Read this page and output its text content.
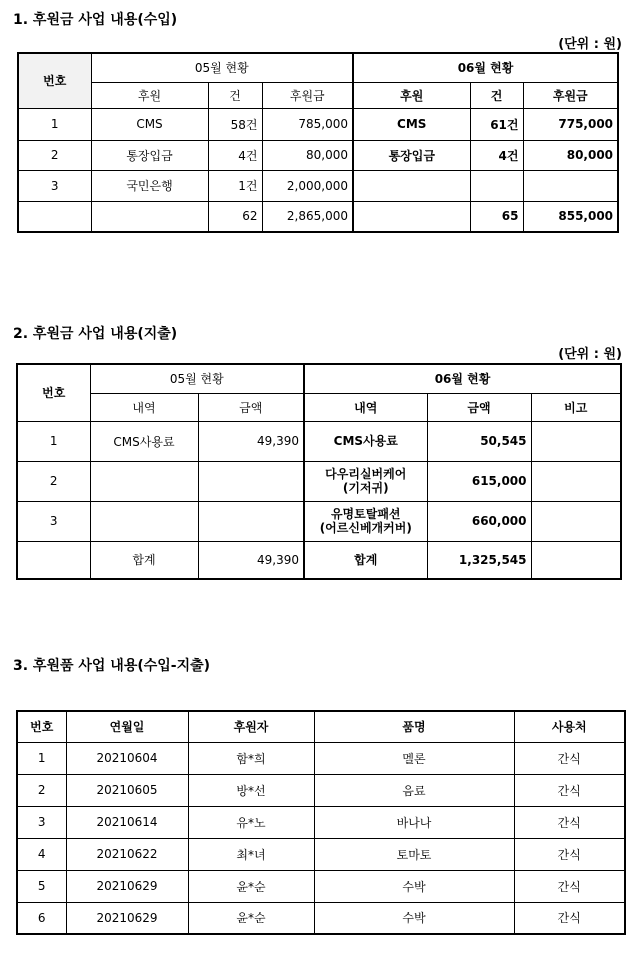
1. 후원금 사업 내용(수입)
(단위 : 원)
번호	05월 현황			06월 현황		
	후원	건	후원금	후원	건	후원금
1	CMS	58건	785,000	CMS	61건	775,000
2	통장입금	4건	80,000	통장입금	4건	80,000
3	국민은행	1건	2,000,000			
		62	2,865,000		65	855,000
2. 후원금 사업 내용(지출)
(단위 : 원)
번호	05월 현황		06월 현황		
	내역	금액	내역	금액	비고
1	CMS사용료	49,390	CMS사용료	50,545	
2			다우리실버케어
(기저귀)	615,000	
3			유명토탈패션
(어르신베개커버)	660,000	
	합계	49,390	합계	1,325,545	
3. 후원품 사업 내용(수입-지출)
번호	연월일	후원자	품명	사용처
1	20210604	함*희	멜론	간식
2	20210605	방*선	음료	간식
3	20210614	유*노	바나나	간식
4	20210622	최*녀	토마토	간식
5	20210629	윤*순	수박	간식
6	20210629	윤*순	수박	간식
